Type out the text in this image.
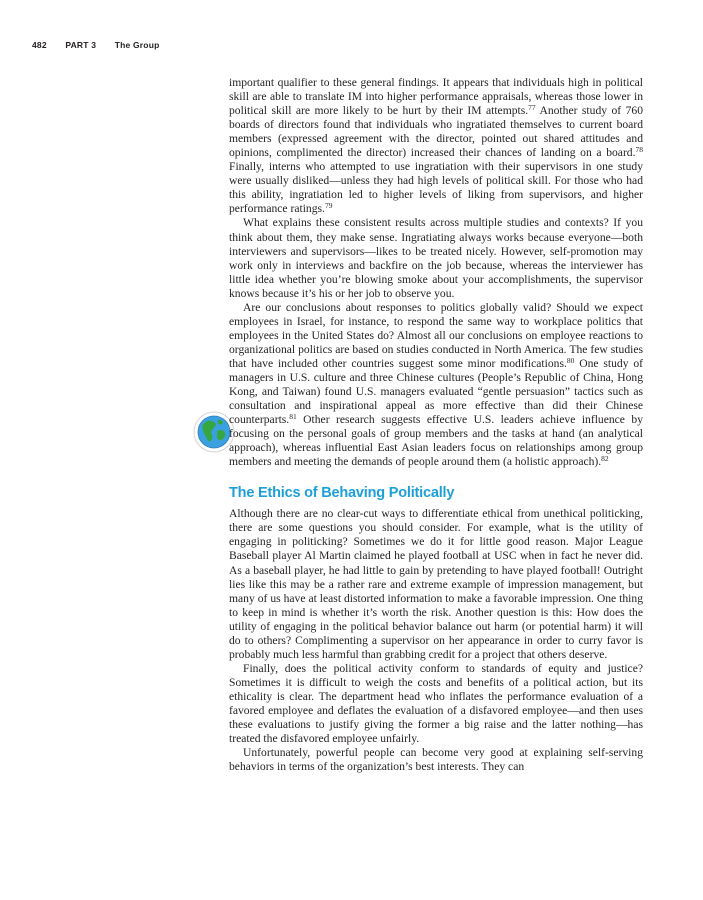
482 PART 3 The Group

important qualifier to these general findings. It appears that individuals high in political skill are able to translate IM into higher performance appraisals, whereas those lower in political skill are more likely to be hurt by their IM attempts.$^{77}$ Another study of 760 boards of directors found that individuals who ingratiated themselves to current board members (expressed agreement with the director, pointed out shared attitudes and opinions, complimented the director) increased their chances of landing on a board.$^{78}$ Finally, interns who attempted to use ingratiation with their supervisors in one study were usually disliked—unless they had high levels of political skill. For those who had this ability, ingratiation led to higher levels of liking from supervisors, and higher performance ratings.$^{79}$

What explains these consistent results across multiple studies and contexts? If you think about them, they make sense. Ingratiating always works because everyone—both interviewers and supervisors—likes to be treated nicely. However, self-promotion may work only in interviews and backfire on the job because, whereas the interviewer has little idea whether you’re blowing smoke about your accomplishments, the supervisor knows because it’s his or her job to observe you.

Are our conclusions about responses to politics globally valid? Should we expect employees in Israel, for instance, to respond the same way to workplace politics that employees in the United States do? Almost all our conclusions on employee reactions to organizational politics are based on studies conducted in North America. The few studies that have included other countries suggest some minor modifications.$^{80}$ One study of managers in U.S. culture and three Chinese cultures (People’s Republic of China, Hong Kong, and Taiwan) found U.S. managers evaluated “gentle persuasion” tactics such as consultation and inspirational appeal as more effective than did their Chinese counterparts.$^{81}$ Other research suggests effective U.S. leaders achieve influence by focusing on the personal goals of group members and the tasks at hand (an analytical approach), whereas influential East Asian leaders focus on relationships among group members and meeting the demands of people around them (a holistic approach).$^{82}$

The Ethics of Behaving Politically

Although there are no clear-cut ways to differentiate ethical from unethical politicking, there are some questions you should consider. For example, what is the utility of engaging in politicking? Sometimes we do it for little good reason. Major League Baseball player Al Martin claimed he played football at USC when in fact he never did. As a baseball player, he had little to gain by pretending to have played football! Outright lies like this may be a rather rare and extreme example of impression management, but many of us have at least distorted information to make a favorable impression. One thing to keep in mind is whether it’s worth the risk. Another question is this: How does the utility of engaging in the political behavior balance out harm (or potential harm) it will do to others? Complimenting a supervisor on her appearance in order to curry favor is probably much less harmful than grabbing credit for a project that others deserve.

Finally, does the political activity conform to standards of equity and justice? Sometimes it is difficult to weigh the costs and benefits of a political action, but its ethicality is clear. The department head who inflates the performance evaluation of a favored employee and deflates the evaluation of a disfavored employee—and then uses these evaluations to justify giving the former a big raise and the latter nothing—has treated the disfavored employee unfairly.

Unfortunately, powerful people can become very good at explaining self-serving behaviors in terms of the organization’s best interests. They can
